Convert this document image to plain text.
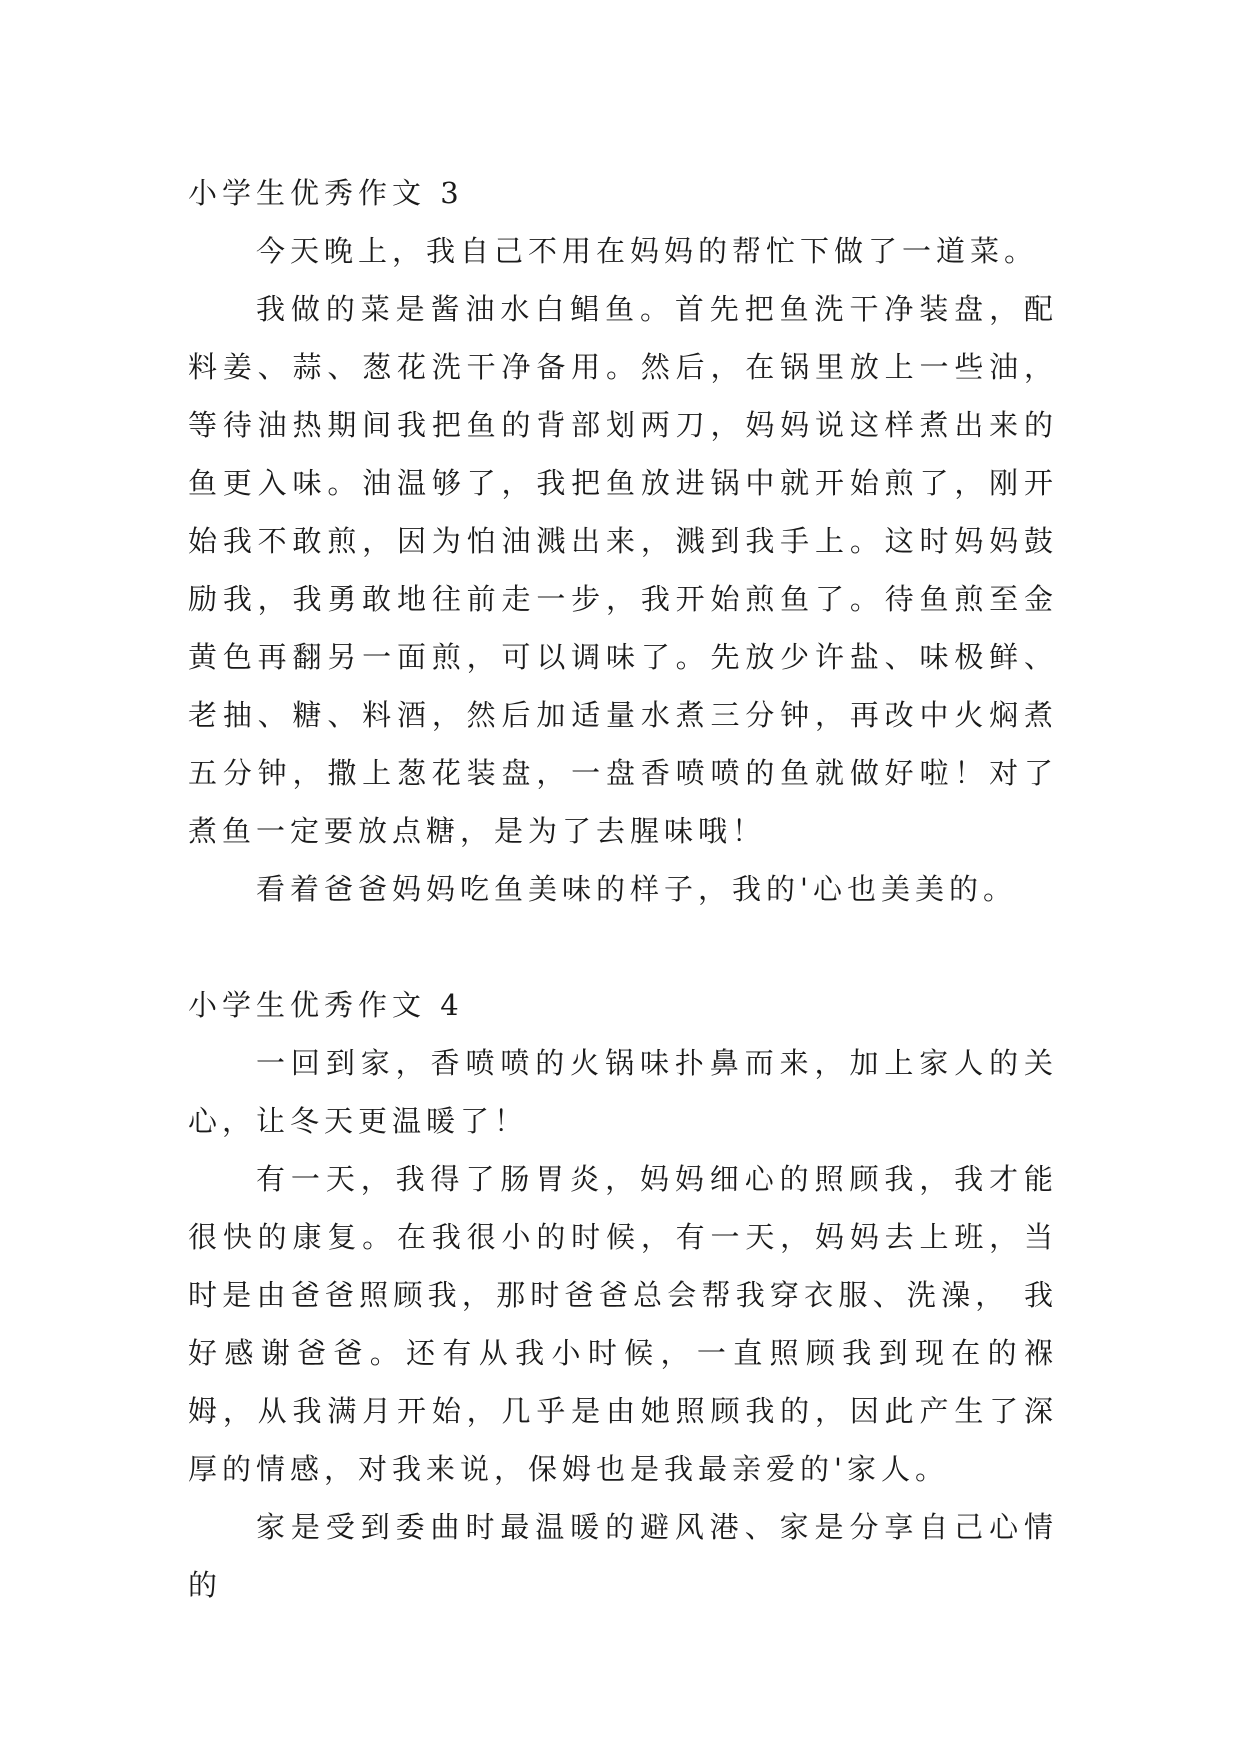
小学生优秀作文 3

今天晚上，我自己不用在妈妈的帮忙下做了一道菜。

我做的菜是酱油水白鲳鱼。首先把鱼洗干净装盘，配料姜、蒜、葱花洗干净备用。然后，在锅里放上一些油，等待油热期间我把鱼的背部划两刀，妈妈说这样煮出来的鱼更入味。油温够了，我把鱼放进锅中就开始煎了，刚开始我不敢煎，因为怕油溅出来，溅到我手上。这时妈妈鼓励我，我勇敢地往前走一步，我开始煎鱼了。待鱼煎至金黄色再翻另一面煎，可以调味了。先放少许盐、味极鲜、老抽、糖、料酒，然后加适量水煮三分钟，再改中火焖煮五分钟，撒上葱花装盘，一盘香喷喷的鱼就做好啦！对了煮鱼一定要放点糖，是为了去腥味哦！

看着爸爸妈妈吃鱼美味的样子，我的'心也美美的。

小学生优秀作文 4

一回到家，香喷喷的火锅味扑鼻而来，加上家人的关心，让冬天更温暖了！

有一天，我得了肠胃炎，妈妈细心的照顾我，我才能很快的康复。在我很小的时候，有一天，妈妈去上班，当时是由爸爸照顾我，那时爸爸总会帮我穿衣服、洗澡， 我好感谢爸爸。还有从我小时候，一直照顾我到现在的褓姆，从我满月开始，几乎是由她照顾我的，因此产生了深厚的情感，对我来说，保姆也是我最亲爱的'家人。

家是受到委曲时最温暖的避风港、家是分享自己心情的
